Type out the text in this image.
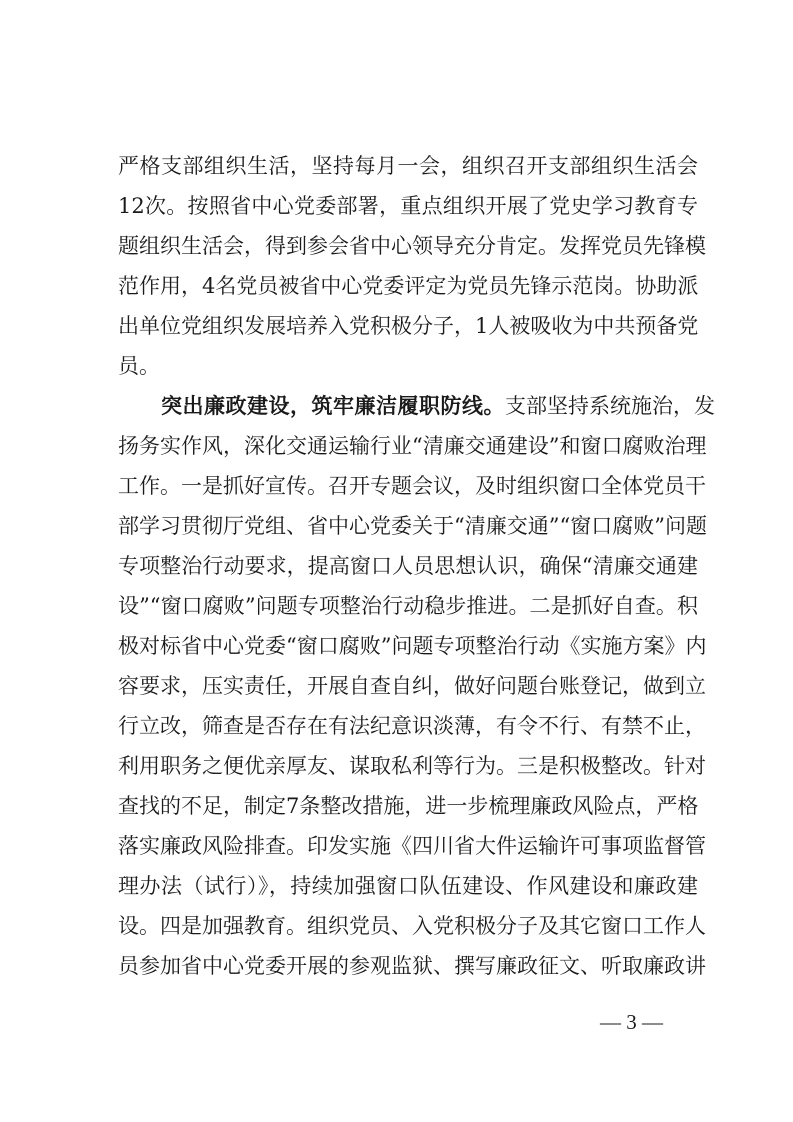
严格支部组织生活，坚持每月一会，组织召开支部组织生活会
12次。按照省中心党委部署，重点组织开展了党史学习教育专
题组织生活会，得到参会省中心领导充分肯定。发挥党员先锋模
范作用，4名党员被省中心党委评定为党员先锋示范岗。协助派
出单位党组织发展培养入党积极分子，1人被吸收为中共预备党
员。
突出廉政建设，筑牢廉洁履职防线。支部坚持系统施治，发
扬务实作风，深化交通运输行业“清廉交通建设”和窗口腐败治理
工作。一是抓好宣传。召开专题会议，及时组织窗口全体党员干
部学习贯彻厅党组、省中心党委关于“清廉交通”“窗口腐败”问题
专项整治行动要求，提高窗口人员思想认识，确保“清廉交通建
设”“窗口腐败”问题专项整治行动稳步推进。二是抓好自查。积
极对标省中心党委“窗口腐败”问题专项整治行动《实施方案》内
容要求，压实责任，开展自查自纠，做好问题台账登记，做到立
行立改，筛查是否存在有法纪意识淡薄，有令不行、有禁不止，
利用职务之便优亲厚友、谋取私利等行为。三是积极整改。针对
查找的不足，制定7条整改措施，进一步梳理廉政风险点，严格
落实廉政风险排查。印发实施《四川省大件运输许可事项监督管
理办法（试行）》，持续加强窗口队伍建设、作风建设和廉政建
设。四是加强教育。组织党员、入党积极分子及其它窗口工作人
员参加省中心党委开展的参观监狱、撰写廉政征文、听取廉政讲
— 3 —
